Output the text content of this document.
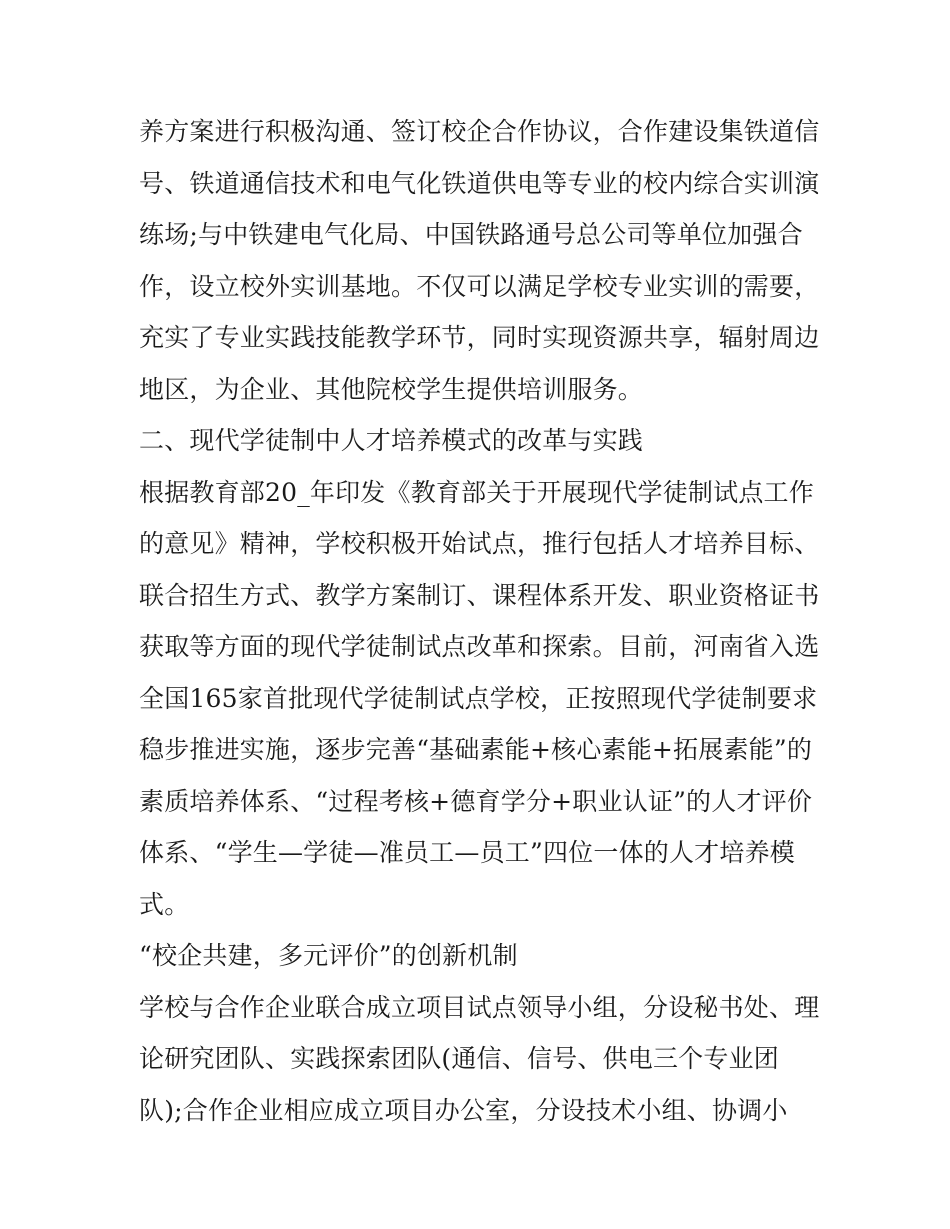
养方案进行积极沟通、签订校企合作协议，合作建设集铁道信
号、铁道通信技术和电气化铁道供电等专业的校内综合实训演
练场;与中铁建电气化局、中国铁路通号总公司等单位加强合
作，设立校外实训基地。不仅可以满足学校专业实训的需要，
充实了专业实践技能教学环节，同时实现资源共享，辐射周边
地区，为企业、其他院校学生提供培训服务。
二、现代学徒制中人才培养模式的改革与实践
根据教育部20_年印发《教育部关于开展现代学徒制试点工作
的意见》精神，学校积极开始试点，推行包括人才培养目标、
联合招生方式、教学方案制订、课程体系开发、职业资格证书
获取等方面的现代学徒制试点改革和探索。目前，河南省入选
全国165家首批现代学徒制试点学校，正按照现代学徒制要求
稳步推进实施，逐步完善“基础素能+核心素能+拓展素能”的
素质培养体系、“过程考核+德育学分+职业认证”的人才评价
体系、“学生—学徒—准员工—员工”四位一体的人才培养模
式。
“校企共建，多元评价”的创新机制
学校与合作企业联合成立项目试点领导小组，分设秘书处、理
论研究团队、实践探索团队(通信、信号、供电三个专业团
队);合作企业相应成立项目办公室，分设技术小组、协调小
